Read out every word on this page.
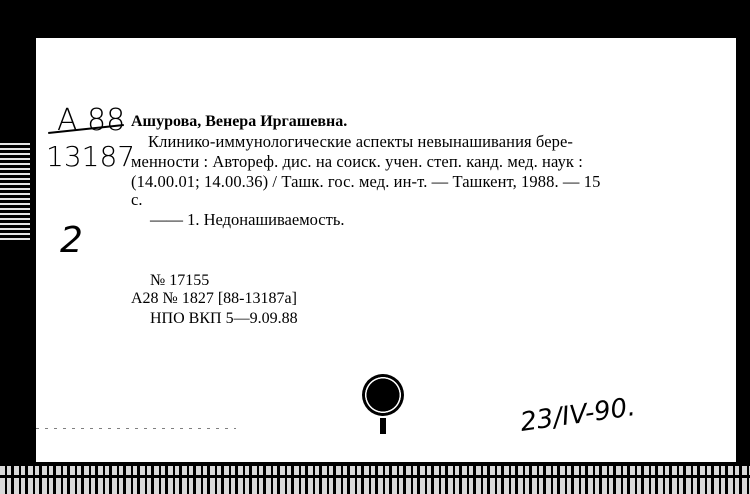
А 88
13187
2
Ашурова, Венера Иргашевна.
Клинико-иммунологические аспекты невынашивания бере-
менности : Автореф. дис. на соиск. учен. степ. канд. мед. наук :
(14.00.01; 14.00.36) / Ташк. гос. мед. ин-т. — Ташкент, 1988. — 15
с.
—— 1. Недонашиваемость.
№ 17155
А28 № 1827 [88-13187а]
НПО ВКП 5—9.09.88
23/IV-90.
